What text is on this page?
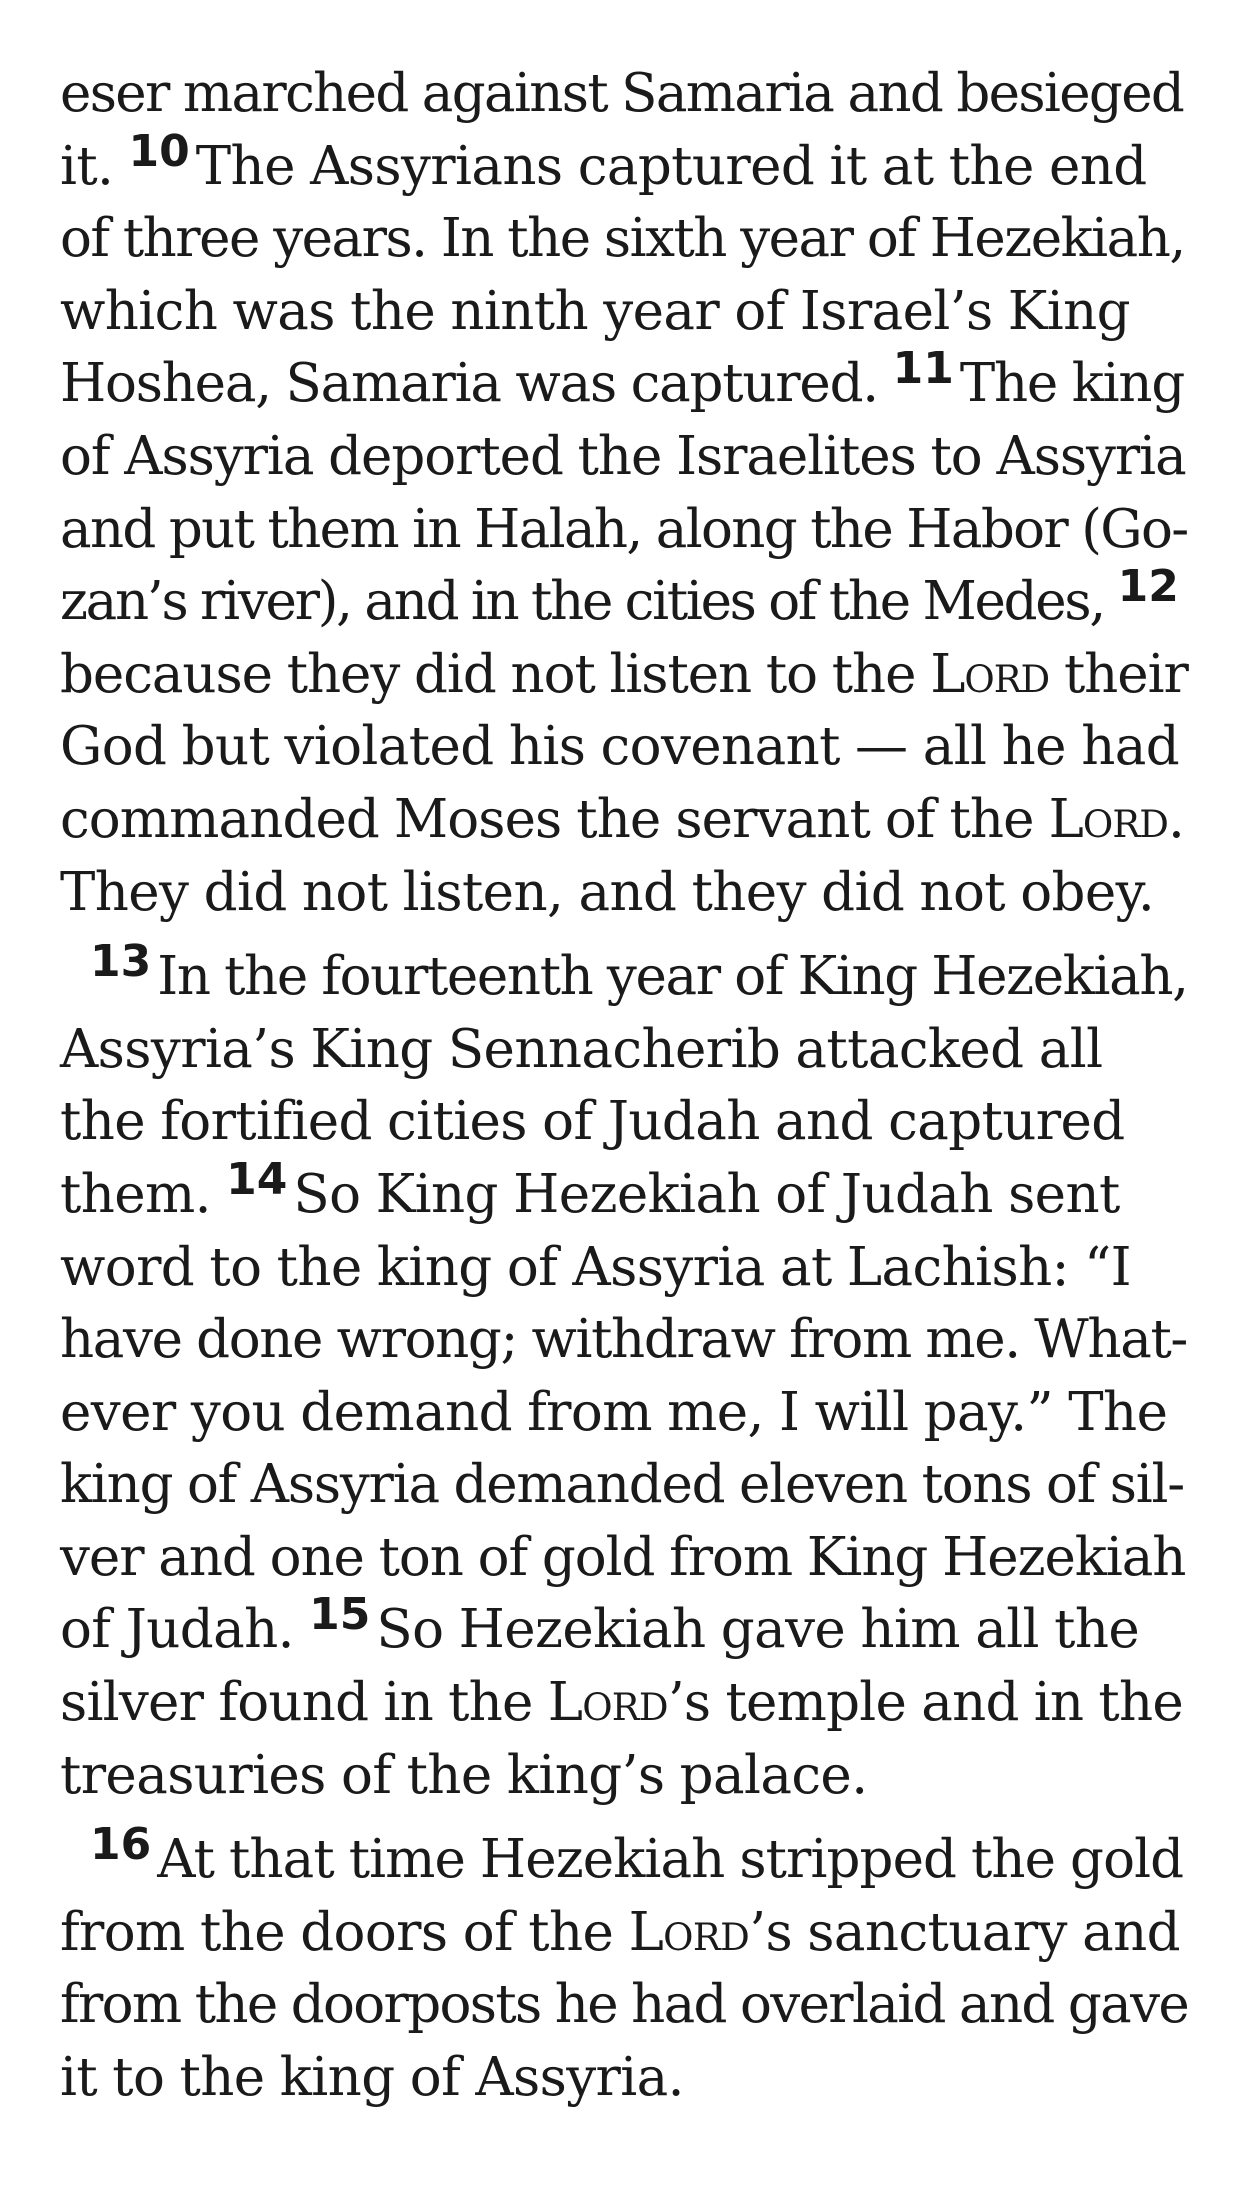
eser marched against Samaria and besieged
it. $^{10}$ The Assyrians captured it at the end
of three years. In the sixth year of Hezekiah,
which was the ninth year of Israel’s King
Hoshea, Samaria was captured. $^{11}$ The king
of Assyria deported the Israelites to Assyria
and put them in Halah, along the Habor (Go-
zan’s river), and in the cities of the Medes, $^{12}$
because they did not listen to the Lord their
God but violated his covenant — all he had
commanded Moses the servant of the Lord.
They did not listen, and they did not obey.
$^{13}$ In the fourteenth year of King Hezekiah,
Assyria’s King Sennacherib attacked all
the fortified cities of Judah and captured
them. $^{14}$ So King Hezekiah of Judah sent
word to the king of Assyria at Lachish: “I
have done wrong; withdraw from me. What-
ever you demand from me, I will pay.” The
king of Assyria demanded eleven tons of sil-
ver and one ton of gold from King Hezekiah
of Judah. $^{15}$ So Hezekiah gave him all the
silver found in the Lord’s temple and in the
treasuries of the king’s palace.
$^{16}$ At that time Hezekiah stripped the gold
from the doors of the Lord’s sanctuary and
from the doorposts he had overlaid and gave
it to the king of Assyria.
